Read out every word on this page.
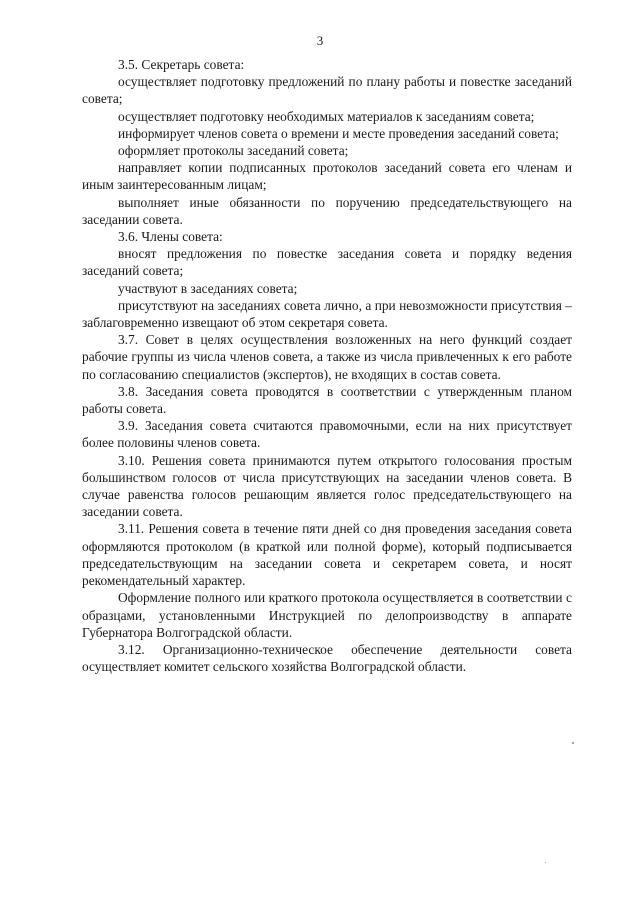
3

3.5. Секретарь совета:

осуществляет подготовку предложений по плану работы и повестке заседаний совета;

осуществляет подготовку необходимых материалов к заседаниям совета;

информирует членов совета о времени и месте проведения заседаний совета;

оформляет протоколы заседаний совета;

направляет копии подписанных протоколов заседаний совета его членам и иным заинтересованным лицам;

выполняет иные обязанности по поручению председательствующего на заседании совета.

3.6. Члены совета:

вносят предложения по повестке заседания совета и порядку ведения заседаний совета;

участвуют в заседаниях совета;

присутствуют на заседаниях совета лично, а при невозможности присутствия – заблаговременно извещают об этом секретаря совета.

3.7. Совет в целях осуществления возложенных на него функций создает рабочие группы из числа членов совета, а также из числа привлеченных к его работе по согласованию специалистов (экспертов), не входящих в состав совета.

3.8. Заседания совета проводятся в соответствии с утвержденным планом работы совета.

3.9. Заседания совета считаются правомочными, если на них присутствует более половины членов совета.

3.10. Решения совета принимаются путем открытого голосования простым большинством голосов от числа присутствующих на заседании членов совета. В случае равенства голосов решающим является голос председательствующего на заседании совета.

3.11. Решения совета в течение пяти дней со дня проведения заседания совета оформляются протоколом (в краткой или полной форме), который подписывается председательствующим на заседании совета и секретарем совета, и носят рекомендательный характер.

Оформление полного или краткого протокола осуществляется в соответствии с образцами, установленными Инструкцией по делопроизводству в аппарате Губернатора Волгоградской области.

3.12. Организационно-техническое обеспечение деятельности совета осуществляет комитет сельского хозяйства Волгоградской области.
